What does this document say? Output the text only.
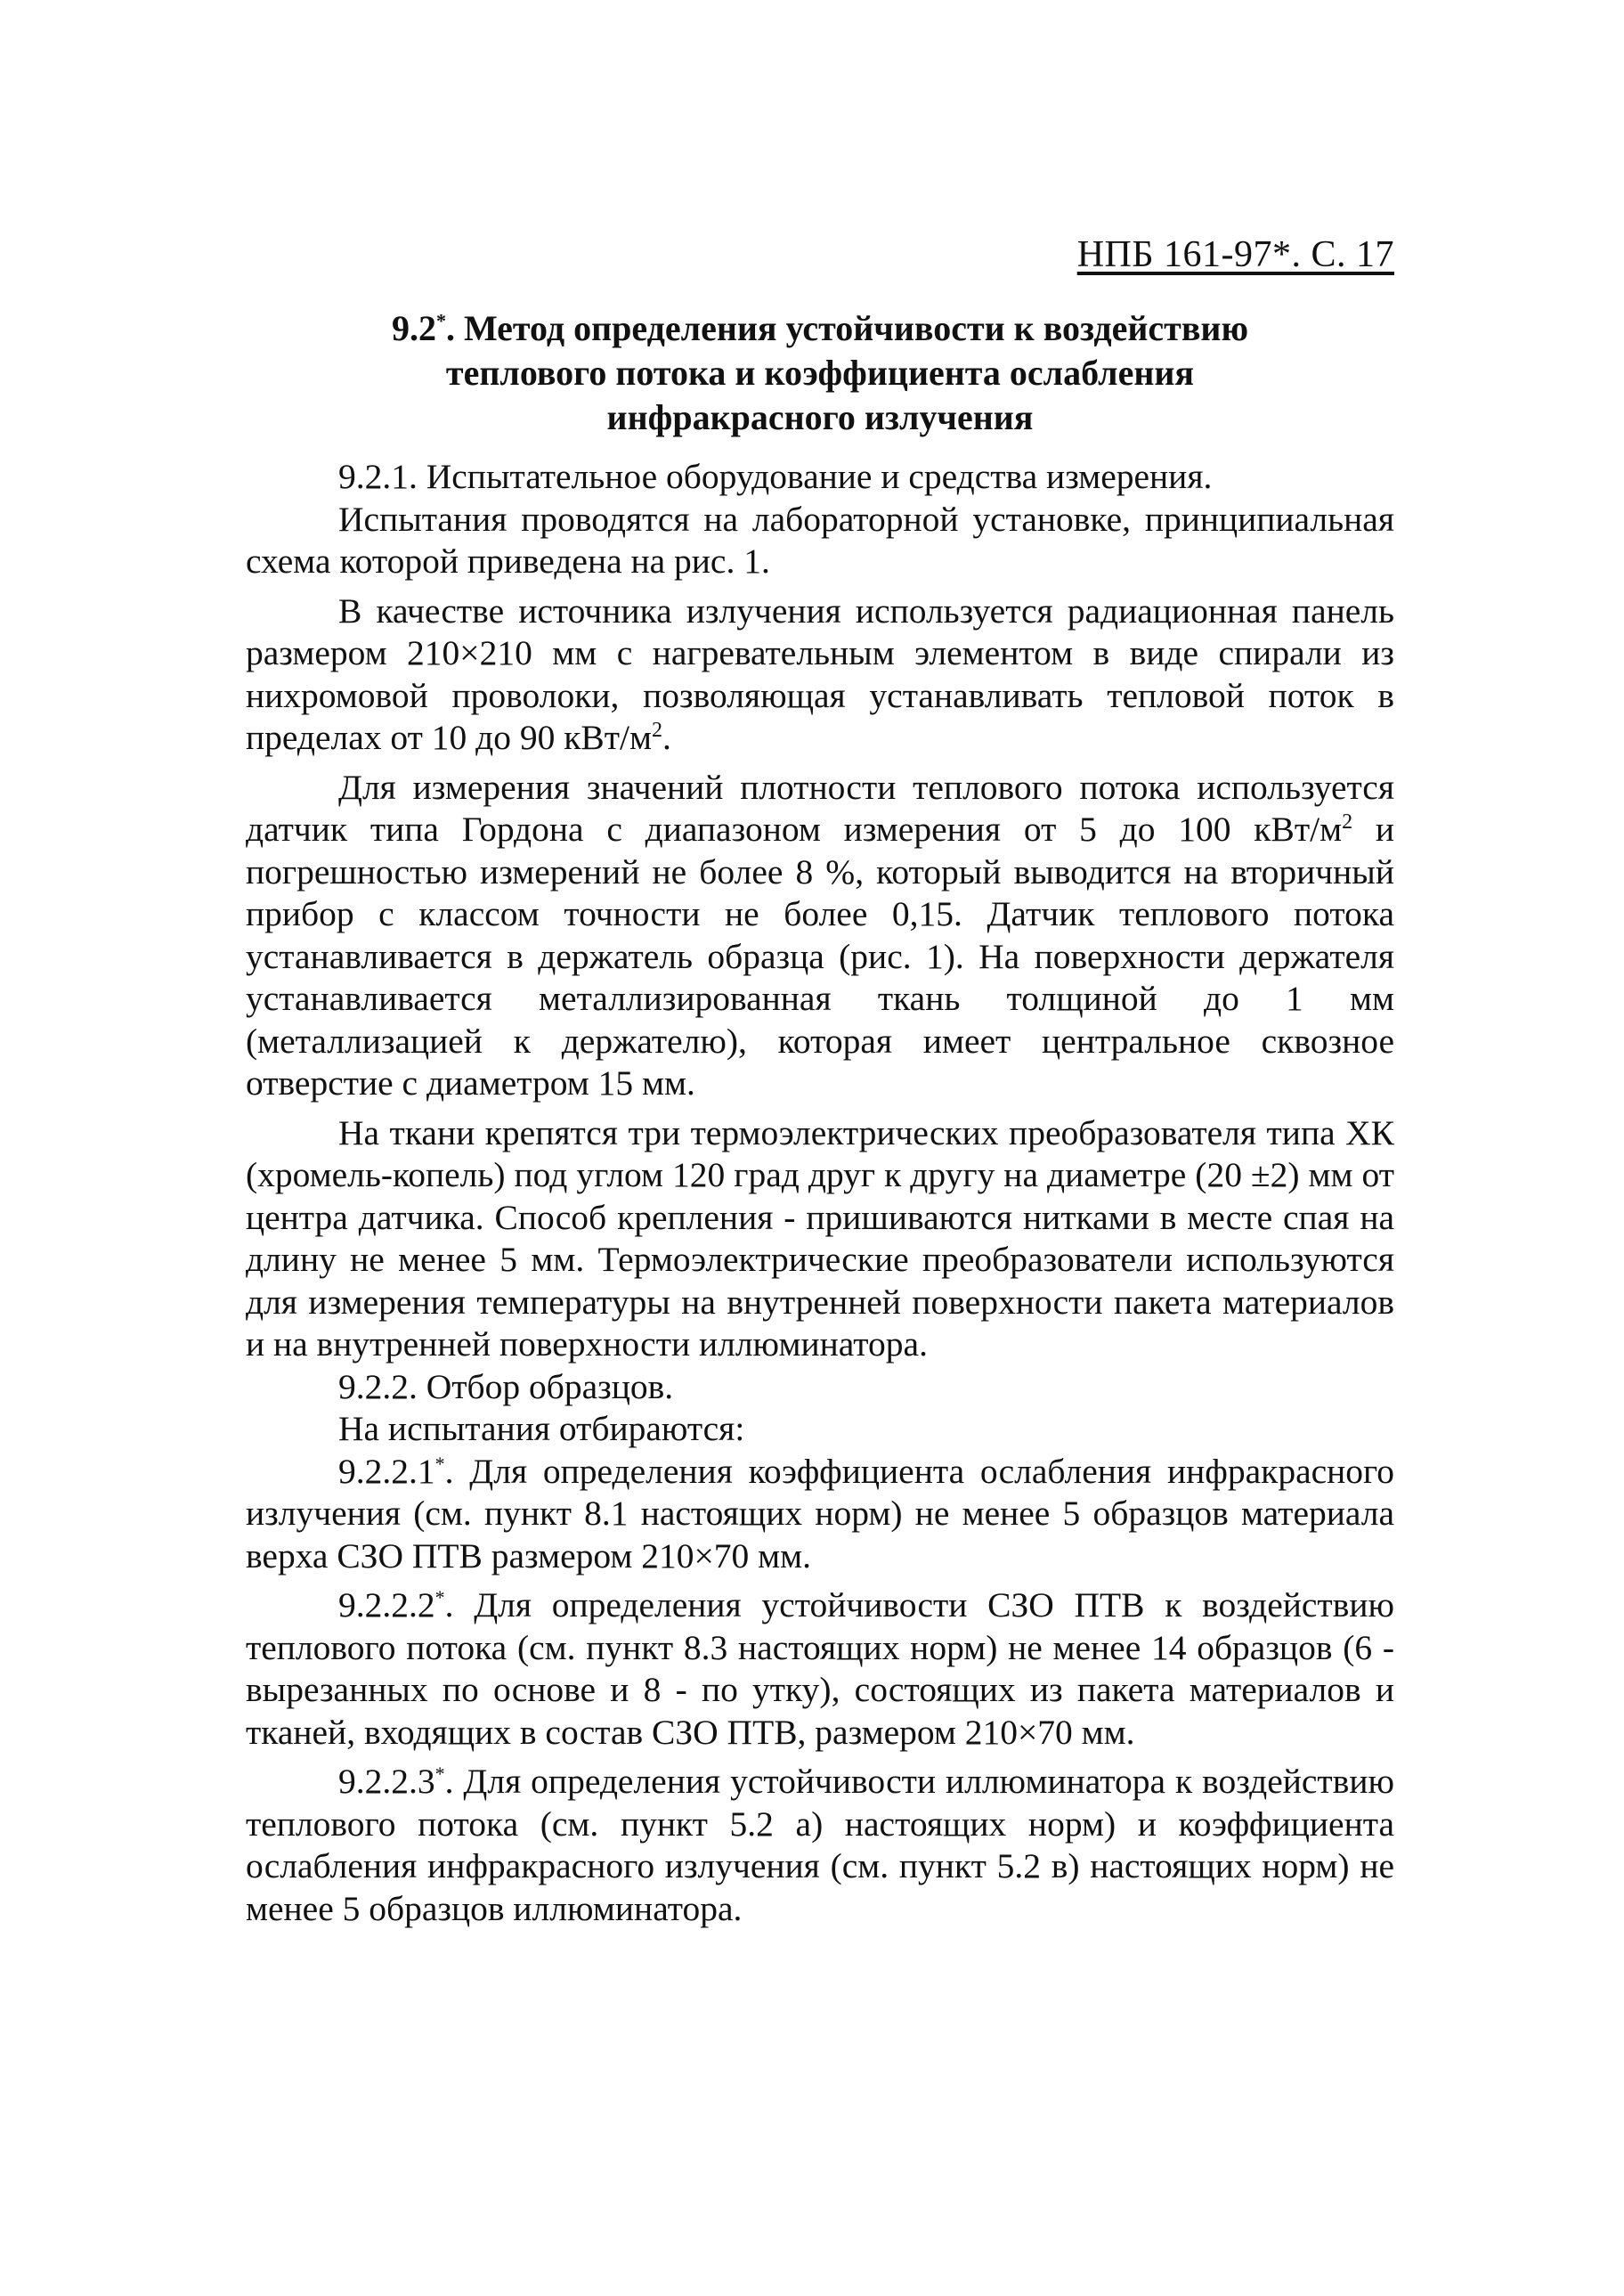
НПБ 161-97*. С. 17
9.2*. Метод определения устойчивости к воздействию
теплового потока и коэффициента ослабления
инфракрасного излучения

9.2.1. Испытательное оборудование и средства измерения.

Испытания проводятся на лабораторной установке, принципиальная схема которой приведена на рис. 1.

В качестве источника излучения используется радиационная панель размером 210×210 мм с нагревательным элементом в виде спирали из нихромовой проволоки, позволяющая устанавливать тепловой поток в пределах от 10 до 90 кВт/$м^2$.

Для измерения значений плотности теплового потока используется датчик типа Гордона с диапазоном измерения от 5 до 100 кВт/$м^2$ и погрешностью измерений не более 8 %, который выводится на вторичный прибор с классом точности не более 0,15. Датчик теплового потока устанавливается в держатель образца (рис. 1). На поверхности держателя устанавливается металлизированная ткань толщиной до 1 мм (металлизацией к держателю), которая имеет центральное сквозное отверстие с диаметром 15 мм.

На ткани крепятся три термоэлектрических преобразователя типа ХК (хромель-копель) под углом 120 град друг к другу на диаметре (20 ±2) мм от центра датчика. Способ крепления - пришиваются нитками в месте спая на длину не менее 5 мм. Термоэлектрические преобразователи используются для измерения температуры на внутренней поверхности пакета материалов и на внутренней поверхности иллюминатора.

9.2.2. Отбор образцов.

На испытания отбираются:

9.2.2.1*. Для определения коэффициента ослабления инфракрасного излучения (см. пункт 8.1 настоящих норм) не менее 5 образцов материала верха СЗО ПТВ размером 210×70 мм.

9.2.2.2*. Для определения устойчивости СЗО ПТВ к воздействию теплового потока (см. пункт 8.3 настоящих норм) не менее 14 образцов (6 - вырезанных по основе и 8 - по утку), состоящих из пакета материалов и тканей, входящих в состав СЗО ПТВ, размером 210×70 мм.

9.2.2.3*. Для определения устойчивости иллюминатора к воздействию теплового потока (см. пункт 5.2 а) настоящих норм) и коэффициента ослабления инфракрасного излучения (см. пункт 5.2 в) настоящих норм) не менее 5 образцов иллюминатора.
